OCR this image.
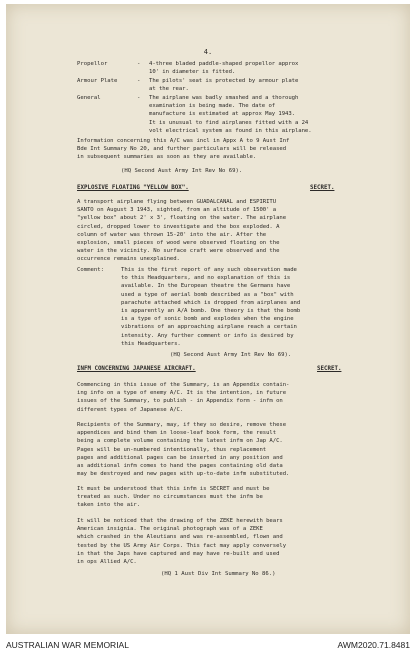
4.
Propellor	- 4-three bladed paddle-shaped propellor approx
10' in diameter is fitted.
Armour Plate	- The pilots' seat is protected by armour plate
at the rear.
General	- The airplane was badly smashed and a thorough
examination is being made. The date of
manufacture is estimated at approx May 1943.
It is unusual to find airplanes fitted with a 24
volt electrical system as found in this airplane.
Information concerning this A/C was incl in Appx A to 9 Aust Inf
Bde Int Summary No 20, and further particulars will be released
in subsequent summaries as soon as they are available.
(HQ Second Aust Army Int Rev No 69).
EXPLOSIVE FLOATING "YELLOW BOX".	SECRET.
A transport airplane flying between GUADALCANAL and ESPIRITU
SANTO on August 3 1943, sighted, from an altitude of 1500' a
"yellow box" about 2' x 3', floating on the water. The airplane
circled, dropped lower to investigate and the box exploded. A
column of water was thrown 15-20' into the air. After the
explosion, small pieces of wood were observed floating on the
water in the vicinity. No surface craft were observed and the
occurrence remains unexplained.
Comment:	This is the first report of any such observation made
to this Headquarters, and no explanation of this is
available. In the European theatre the Germans have
used a type of aerial bomb described as a "box" with
parachute attached which is dropped from airplanes and
is apparently an A/A bomb. One theory is that the bomb
is a type of sonic bomb and explodes when the engine
vibrations of an approaching airplane reach a certain
intensity. Any further comment or info is desired by
this Headquarters.
(HQ Second Aust Army Int Rev No 69).
INFM CONCERNING JAPANESE AIRCRAFT.	SECRET.
Commencing in this issue of the Summary, is an Appendix contain-
ing info on a type of enemy A/C. It is the intention, in future
issues of the Summary, to publish - in Appendix form - infm on
different types of Japanese A/C.
Recipients of the Summary, may, if they so desire, remove these
appendices and bind them in loose-leaf book form, the result
being a complete volume containing the latest infm on Jap A/C.
Pages will be un-numbered intentionally, thus replacement
pages and additional pages can be inserted in any position and
as additional infm comes to hand the pages containing old data
may be destroyed and new pages with up-to-date infm substituted.
It must be understood that this infm is SECRET and must be
treated as such. Under no circumstances must the infm be
taken into the air.
It will be noticed that the drawing of the ZEKE herewith bears
American insignia. The original photograph was of a ZEKE
which crashed in the Aleutians and was re-assembled, flown and
tested by the US Army Air Corps. This fact may apply conversely
in that the Japs have captured and may have re-built and used
in ops Allied A/C.
(HQ 1 Aust Div Int Summary No 86.)
AUSTRALIAN WAR MEMORIAL	AWM2020.71.8481
